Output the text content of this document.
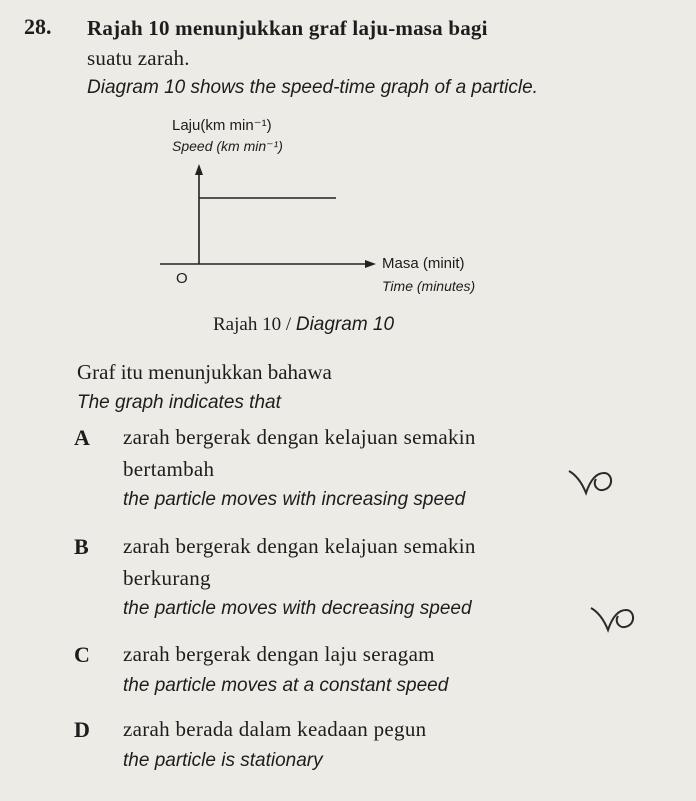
28. Rajah 10 menunjukkan graf laju-masa bagi
suatu zarah.
Diagram 10 shows the speed-time graph of a particle.
Laju(km min⁻¹)
Speed (km min⁻¹)
O
Masa (minit)
Time (minutes)
Rajah 10 / Diagram 10
Graf itu menunjukkan bahawa
The graph indicates that
A zarah bergerak dengan kelajuan semakin
bertambah
the particle moves with increasing speed
B zarah bergerak dengan kelajuan semakin
berkurang
the particle moves with decreasing speed
C zarah bergerak dengan laju seragam
the particle moves at a constant speed
D zarah berada dalam keadaan pegun
the particle is stationary
